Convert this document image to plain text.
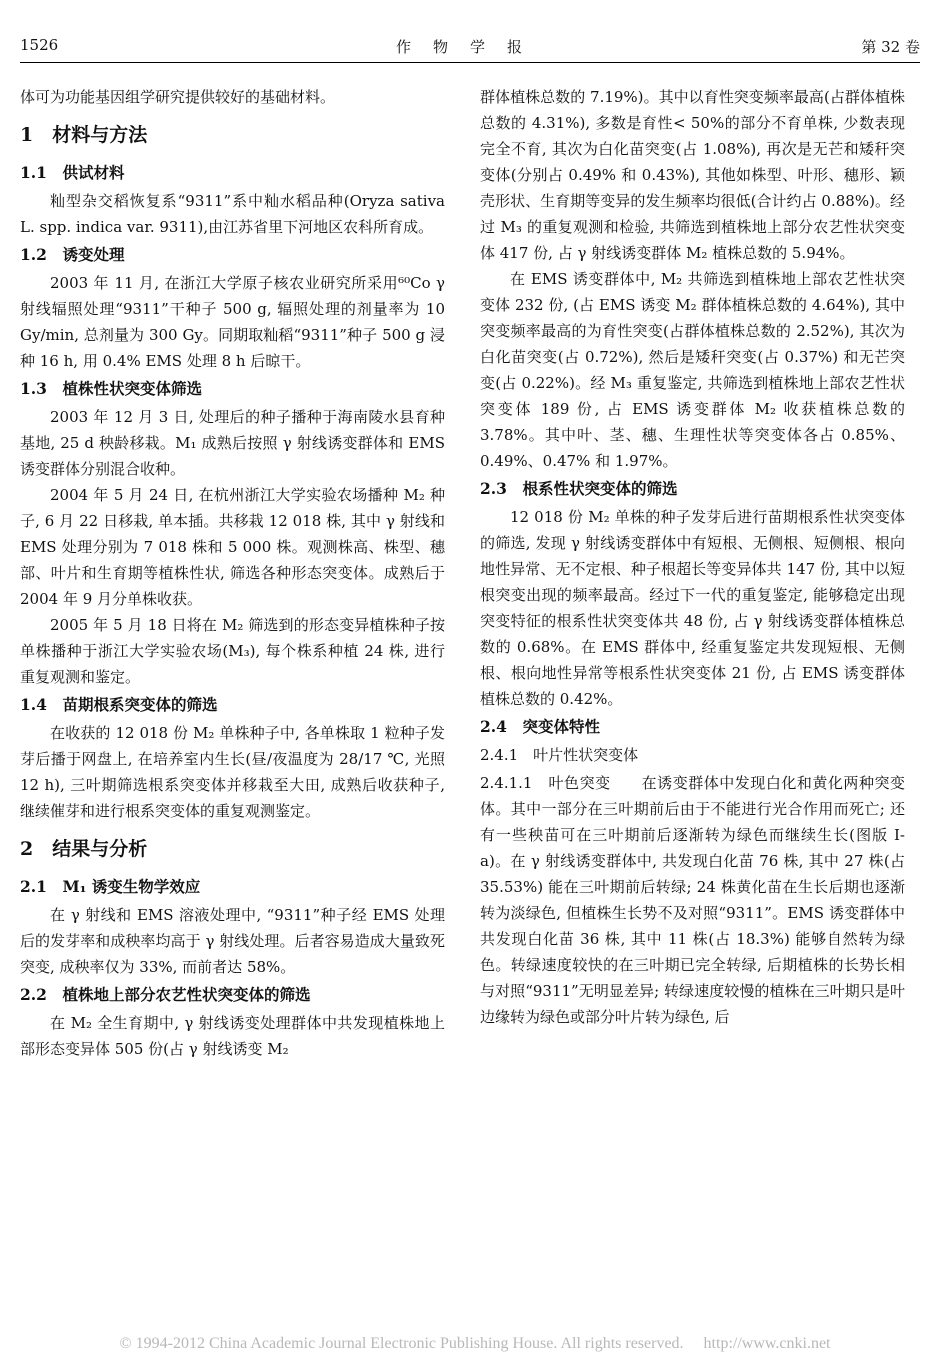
1526	作物学报	第 32 卷

体可为功能基因组学研究提供较好的基础材料。

1　材料与方法
1.1　供试材料

籼型杂交稻恢复系“9311”系中籼水稻品种(Oryza sativa L. spp. indica var. 9311),由江苏省里下河地区农科所育成。

1.2　诱变处理

2003 年 11 月, 在浙江大学原子核农业研究所采用⁶⁰Co γ 射线辐照处理“9311”干种子 500 g, 辐照处理的剂量率为 10 Gy/min, 总剂量为 300 Gy。同期取籼稻“9311”种子 500 g 浸种 16 h, 用 0.4% EMS 处理 8 h 后晾干。

1.3　植株性状突变体筛选

2003 年 12 月 3 日, 处理后的种子播种于海南陵水县育种基地, 25 d 秧龄移栽。M₁ 成熟后按照 γ 射线诱变群体和 EMS 诱变群体分别混合收种。

2004 年 5 月 24 日, 在杭州浙江大学实验农场播种 M₂ 种子, 6 月 22 日移栽, 单本插。共移栽 12 018 株, 其中 γ 射线和 EMS 处理分别为 7 018 株和 5 000 株。观测株高、株型、穗部、叶片和生育期等植株性状, 筛选各种形态突变体。成熟后于 2004 年 9 月分单株收获。

2005 年 5 月 18 日将在 M₂ 筛选到的形态变异植株种子按单株播种于浙江大学实验农场(M₃), 每个株系种植 24 株, 进行重复观测和鉴定。

1.4　苗期根系突变体的筛选

在收获的 12 018 份 M₂ 单株种子中, 各单株取 1 粒种子发芽后播于网盘上, 在培养室内生长(昼/夜温度为 28/17 ℃, 光照 12 h), 三叶期筛选根系突变体并移栽至大田, 成熟后收获种子, 继续催芽和进行根系突变体的重复观测鉴定。

2　结果与分析
2.1　M₁ 诱变生物学效应

在 γ 射线和 EMS 溶液处理中, “9311”种子经 EMS 处理后的发芽率和成秧率均高于 γ 射线处理。后者容易造成大量致死突变, 成秧率仅为 33%, 而前者达 58%。

2.2　植株地上部分农艺性状突变体的筛选

在 M₂ 全生育期中, γ 射线诱变处理群体中共发现植株地上部形态变异体 505 份(占 γ 射线诱变 M₂

群体植株总数的 7.19%)。其中以育性突变频率最高(占群体植株总数的 4.31%), 多数是育性< 50%的部分不育单株, 少数表现完全不育, 其次为白化苗突变(占 1.08%), 再次是无芒和矮秆突变体(分别占 0.49% 和 0.43%), 其他如株型、叶形、穗形、颖壳形状、生育期等变异的发生频率均很低(合计约占 0.88%)。经过 M₃ 的重复观测和检验, 共筛选到植株地上部分农艺性状突变体 417 份, 占 γ 射线诱变群体 M₂ 植株总数的 5.94%。

在 EMS 诱变群体中, M₂ 共筛选到植株地上部农艺性状突变体 232 份, (占 EMS 诱变 M₂ 群体植株总数的 4.64%), 其中突变频率最高的为育性突变(占群体植株总数的 2.52%), 其次为白化苗突变(占 0.72%), 然后是矮秆突变(占 0.37%) 和无芒突变(占 0.22%)。经 M₃ 重复鉴定, 共筛选到植株地上部农艺性状突变体 189 份, 占 EMS 诱变群体 M₂ 收获植株总数的 3.78%。其中叶、茎、穗、生理性状等突变体各占 0.85%、0.49%、0.47% 和 1.97%。

2.3　根系性状突变体的筛选

12 018 份 M₂ 单株的种子发芽后进行苗期根系性状突变体的筛选, 发现 γ 射线诱变群体中有短根、无侧根、短侧根、根向地性异常、无不定根、种子根超长等变异体共 147 份, 其中以短根突变出现的频率最高。经过下一代的重复鉴定, 能够稳定出现突变特征的根系性状突变体共 48 份, 占 γ 射线诱变群体植株总数的 0.68%。在 EMS 群体中, 经重复鉴定共发现短根、无侧根、根向地性异常等根系性状突变体 21 份, 占 EMS 诱变群体植株总数的 0.42%。

2.4　突变体特性
2.4.1　叶片性状突变体

2.4.1.1　叶色突变　　在诱变群体中发现白化和黄化两种突变体。其中一部分在三叶期前后由于不能进行光合作用而死亡; 还有一些秧苗可在三叶期前后逐渐转为绿色而继续生长(图版 I-a)。在 γ 射线诱变群体中, 共发现白化苗 76 株, 其中 27 株(占 35.53%) 能在三叶期前后转绿; 24 株黄化苗在生长后期也逐渐转为淡绿色, 但植株生长势不及对照“9311”。EMS 诱变群体中共发现白化苗 36 株, 其中 11 株(占 18.3%) 能够自然转为绿色。转绿速度较快的在三叶期已完全转绿, 后期植株的长势长相与对照“9311”无明显差异; 转绿速度较慢的植株在三叶期只是叶边缘转为绿色或部分叶片转为绿色, 后

© 1994-2012 China Academic Journal Electronic Publishing House. All rights reserved.　 http://www.cnki.net
